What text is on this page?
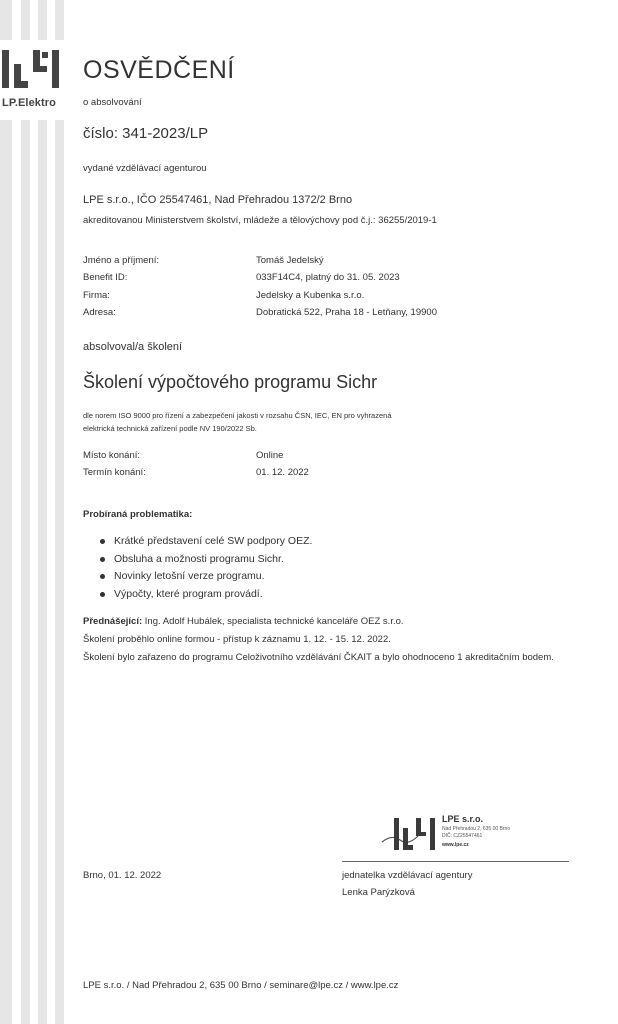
LP.Elektro
OSVĚDČENÍ
o absolvování
číslo: 341-2023/LP
vydané vzdělávací agenturou
LPE s.r.o., IČO 25547461, Nad Přehradou 1372/2 Brno
akreditovanou Ministerstvem školství, mládeže a tělovýchovy pod č.j.: 36255/2019-1
Jméno a příjmení:	Tomáš Jedelský
Benefit ID:	033F14C4, platný do 31. 05. 2023
Firma:	Jedelsky a Kubenka s.r.o.
Adresa:	Dobratická 522, Praha 18 - Letňany, 19900
absolvoval/a školení
Školení výpočtového programu Sichr
dle norem ISO 9000 pro řízení a zabezpečení jakosti v rozsahu ČSN, IEC, EN pro vyhrazená
elektrická technická zařízení podle NV 190/2022 Sb.
Místo konání:	Online
Termín konání:	01. 12. 2022
Probíraná problematika:
Krátké představení celé SW podpory OEZ.
Obsluha a možnosti programu Sichr.
Novinky letošní verze programu.
Výpočty, které program provádí.
Přednášející: Ing. Adolf Hubálek, specialista technické kanceláře OEZ s.r.o.
Školení proběhlo online formou - přístup k záznamu 1. 12. - 15. 12. 2022.
Školení bylo zařazeno do programu Celoživotního vzdělávání ČKAIT a bylo ohodnoceno 1 akreditačním bodem.
LPE s.r.o.
Nad Přehradou 2, 635 00 Brno
DIČ: CZ25547461
www.lpe.cz
Brno, 01. 12. 2022	jednatelka vzdělávací agentury
Lenka Parýzková
LPE s.r.o. / Nad Přehradou 2, 635 00 Brno / seminare@lpe.cz / www.lpe.cz
